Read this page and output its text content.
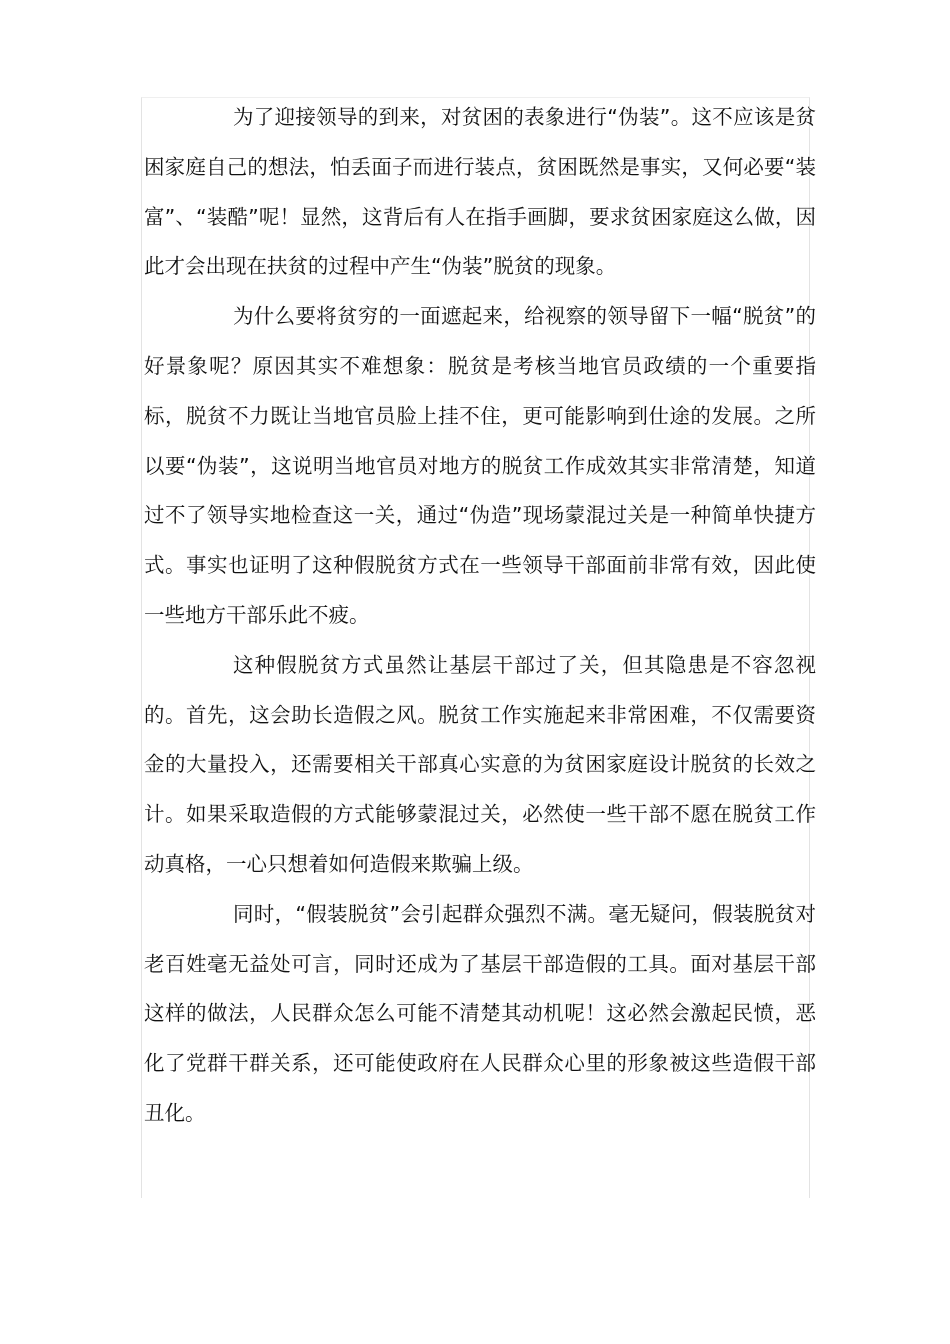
为了迎接领导的到来，对贫困的表象进行“伪装”。这不应该是贫困家庭自己的想法，怕丢面子而进行装点，贫困既然是事实，又何必要“装富”、“装酷”呢！显然，这背后有人在指手画脚，要求贫困家庭这么做，因此才会出现在扶贫的过程中产生“伪装”脱贫的现象。

为什么要将贫穷的一面遮起来，给视察的领导留下一幅“脱贫”的好景象呢？原因其实不难想象：脱贫是考核当地官员政绩的一个重要指标，脱贫不力既让当地官员脸上挂不住，更可能影响到仕途的发展。之所以要“伪装”，这说明当地官员对地方的脱贫工作成效其实非常清楚，知道过不了领导实地检查这一关，通过“伪造”现场蒙混过关是一种简单快捷方式。事实也证明了这种假脱贫方式在一些领导干部面前非常有效，因此使一些地方干部乐此不疲。

这种假脱贫方式虽然让基层干部过了关，但其隐患是不容忽视的。首先，这会助长造假之风。脱贫工作实施起来非常困难，不仅需要资金的大量投入，还需要相关干部真心实意的为贫困家庭设计脱贫的长效之计。如果采取造假的方式能够蒙混过关，必然使一些干部不愿在脱贫工作动真格，一心只想着如何造假来欺骗上级。

同时，“假装脱贫”会引起群众强烈不满。毫无疑问，假装脱贫对老百姓毫无益处可言，同时还成为了基层干部造假的工具。面对基层干部这样的做法，人民群众怎么可能不清楚其动机呢！这必然会激起民愤，恶化了党群干群关系，还可能使政府在人民群众心里的形象被这些造假干部丑化。
